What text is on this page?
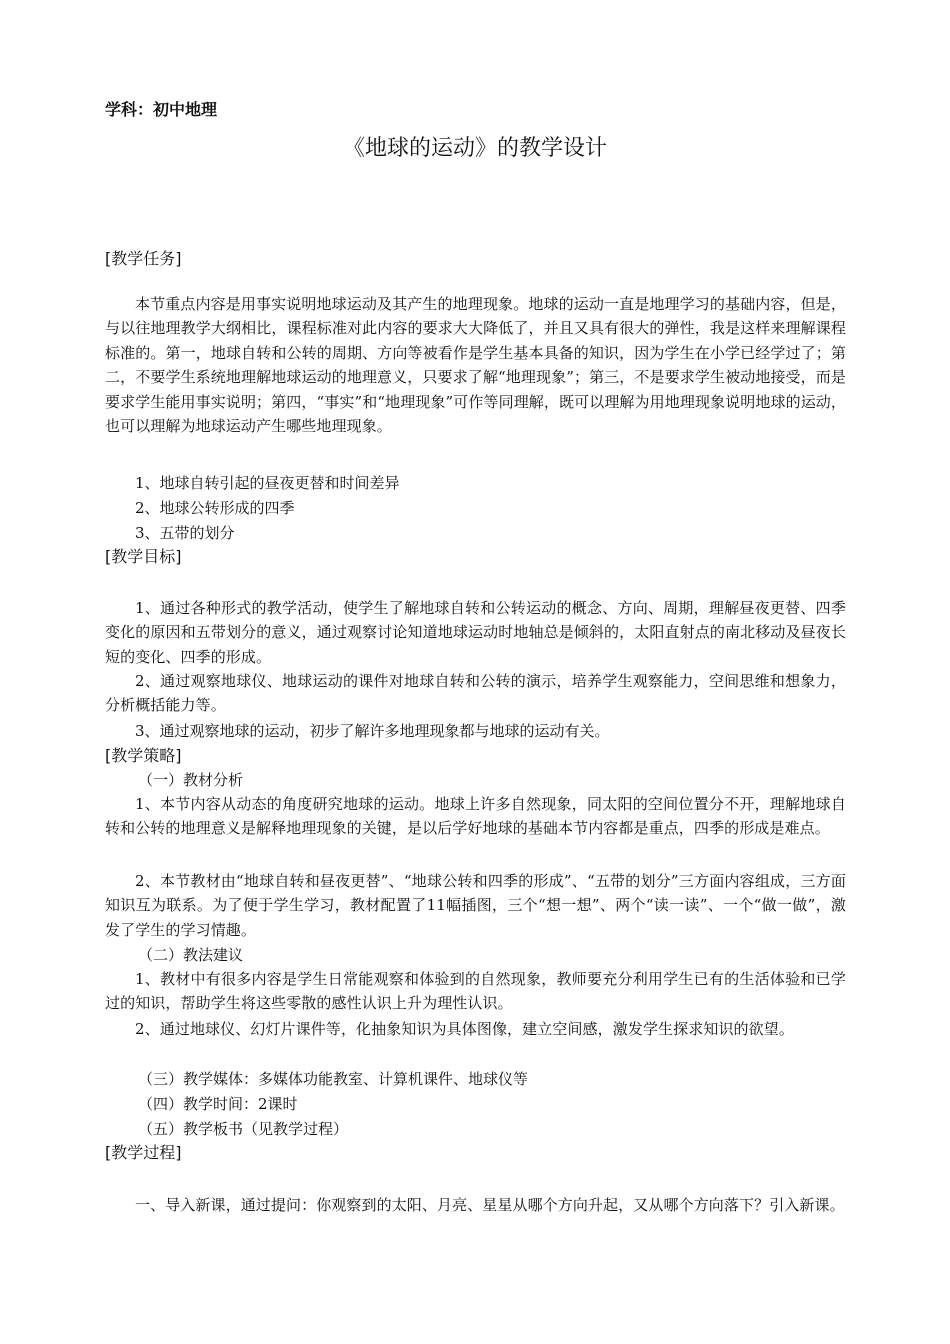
学科：初中地理
《地球的运动》的教学设计
[教学任务]
本节重点内容是用事实说明地球运动及其产生的地理现象。地球的运动一直是地理学习的基础内容，但是，与以往地理教学大纲相比，课程标准对此内容的要求大大降低了，并且又具有很大的弹性，我是这样来理解课程标准的。第一，地球自转和公转的周期、方向等被看作是学生基本具备的知识，因为学生在小学已经学过了；第二，不要学生系统地理解地球运动的地理意义，只要求了解“地理现象”；第三，不是要求学生被动地接受，而是要求学生能用事实说明；第四，“事实”和“地理现象”可作等同理解，既可以理解为用地理现象说明地球的运动，也可以理解为地球运动产生哪些地理现象。
1、地球自转引起的昼夜更替和时间差异
2、地球公转形成的四季
3、五带的划分
[教学目标]
1、通过各种形式的教学活动，使学生了解地球自转和公转运动的概念、方向、周期，理解昼夜更替、四季变化的原因和五带划分的意义，通过观察讨论知道地球运动时地轴总是倾斜的，太阳直射点的南北移动及昼夜长短的变化、四季的形成。
2、通过观察地球仪、地球运动的课件对地球自转和公转的演示，培养学生观察能力，空间思维和想象力，分析概括能力等。
3、通过观察地球的运动，初步了解许多地理现象都与地球的运动有关。
[教学策略]
（一）教材分析
1、本节内容从动态的角度研究地球的运动。地球上许多自然现象，同太阳的空间位置分不开，理解地球自转和公转的地理意义是解释地理现象的关键，是以后学好地球的基础本节内容都是重点，四季的形成是难点。
2、本节教材由“地球自转和昼夜更替”、“地球公转和四季的形成”、“五带的划分”三方面内容组成，三方面知识互为联系。为了便于学生学习，教材配置了11幅插图，三个“想一想”、两个“读一读”、一个“做一做”，激发了学生的学习情趣。
（二）教法建议
1、教材中有很多内容是学生日常能观察和体验到的自然现象，教师要充分利用学生已有的生活体验和已学过的知识，帮助学生将这些零散的感性认识上升为理性认识。
2、通过地球仪、幻灯片课件等，化抽象知识为具体图像，建立空间感，激发学生探求知识的欲望。
（三）教学媒体：多媒体功能教室、计算机课件、地球仪等
（四）教学时间：2课时
（五）教学板书（见教学过程）
[教学过程]
一、导入新课，通过提问：你观察到的太阳、月亮、星星从哪个方向升起，又从哪个方向落下？引入新课。
